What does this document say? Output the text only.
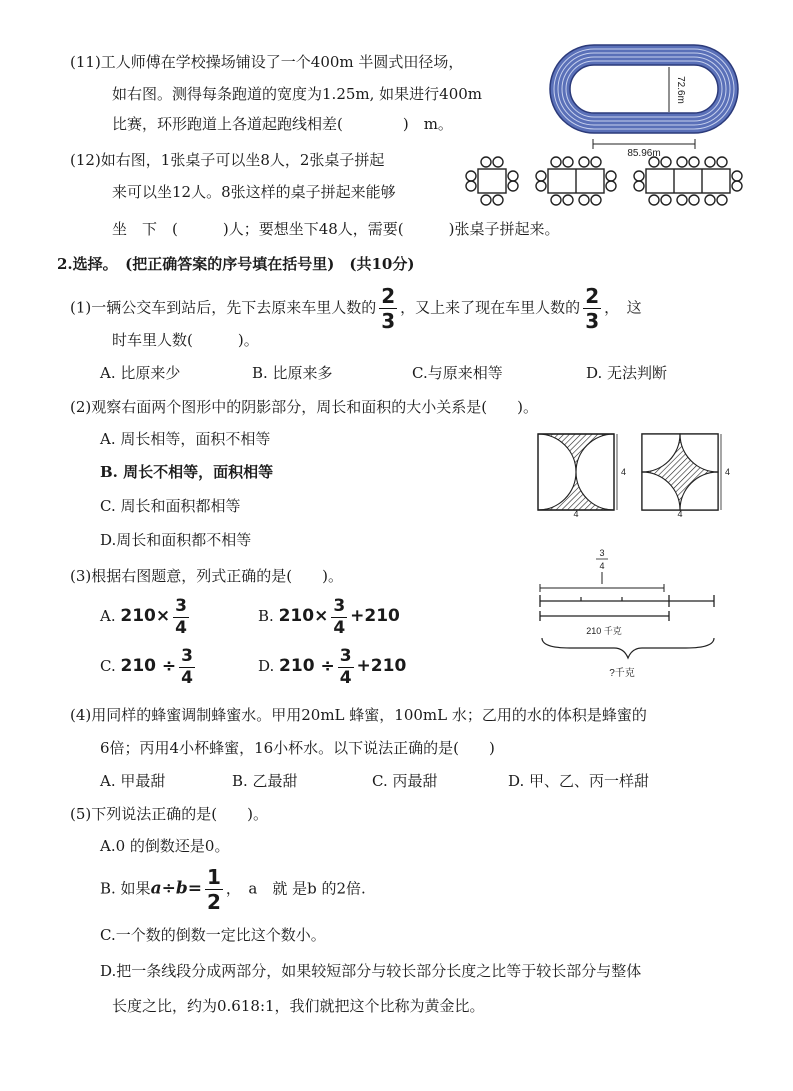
(11)工人师傅在学校操场铺设了一个400m 半圆式田径场，
如右图。测得每条跑道的宽度为1.25m, 如果进行400m
比赛，环形跑道上各道起跑线相差(　　　　)　m。
72.6m
85.96m
(12)如右图，1张桌子可以坐8人，2张桌子拼起
来可以坐12人。8张这样的桌子拼起来能够
坐　下　(　　　)人；要想坐下48人，需要(　　　)张桌子拼起来。
2.选择。　(把正确答案的序号填在括号里)　(共10分)
(1)一辆公交车到站后，先下去原来车里人数的 $\frac{2}{3}$ ，又上来了现在车里人数的 $\frac{2}{3}$ ，　这
时车里人数(　　　)。
A. 比原来少	B. 比原来多	C.与原来相等	D. 无法判断
(2)观察右面两个图形中的阴影部分，周长和面积的大小关系是(　　)。
A. 周长相等，面积不相等
B. 周长不相等，面积相等
C. 周长和面积都相等
D.周长和面积都不相等
4
4
4
4
(3)根据右图题意，列式正确的是(　　)。
A. $210\times \frac{3}{4}$	B. $210\times \frac{3}{4} +210$
C. $210 \div \frac{3}{4}$	D. $210 \div \frac{3}{4} +210$
3
4
210 千克
?千克
(4)用同样的蜂蜜调制蜂蜜水。甲用20mL 蜂蜜，100mL 水；乙用的水的体积是蜂蜜的
6倍；丙用4小杯蜂蜜，16小杯水。以下说法正确的是(　　)
A. 甲最甜	B. 乙最甜	C. 丙最甜	D. 甲、乙、丙一样甜
(5)下列说法正确的是(　　)。
A.0 的倒数还是0。
B. 如果$a\div b= \frac{1}{2}$ ，　a　就 是b 的2倍.
C.一个数的倒数一定比这个数小。
D.把一条线段分成两部分，如果较短部分与较长部分长度之比等于较长部分与整体
长度之比，约为0.618:1，我们就把这个比称为黄金比。
